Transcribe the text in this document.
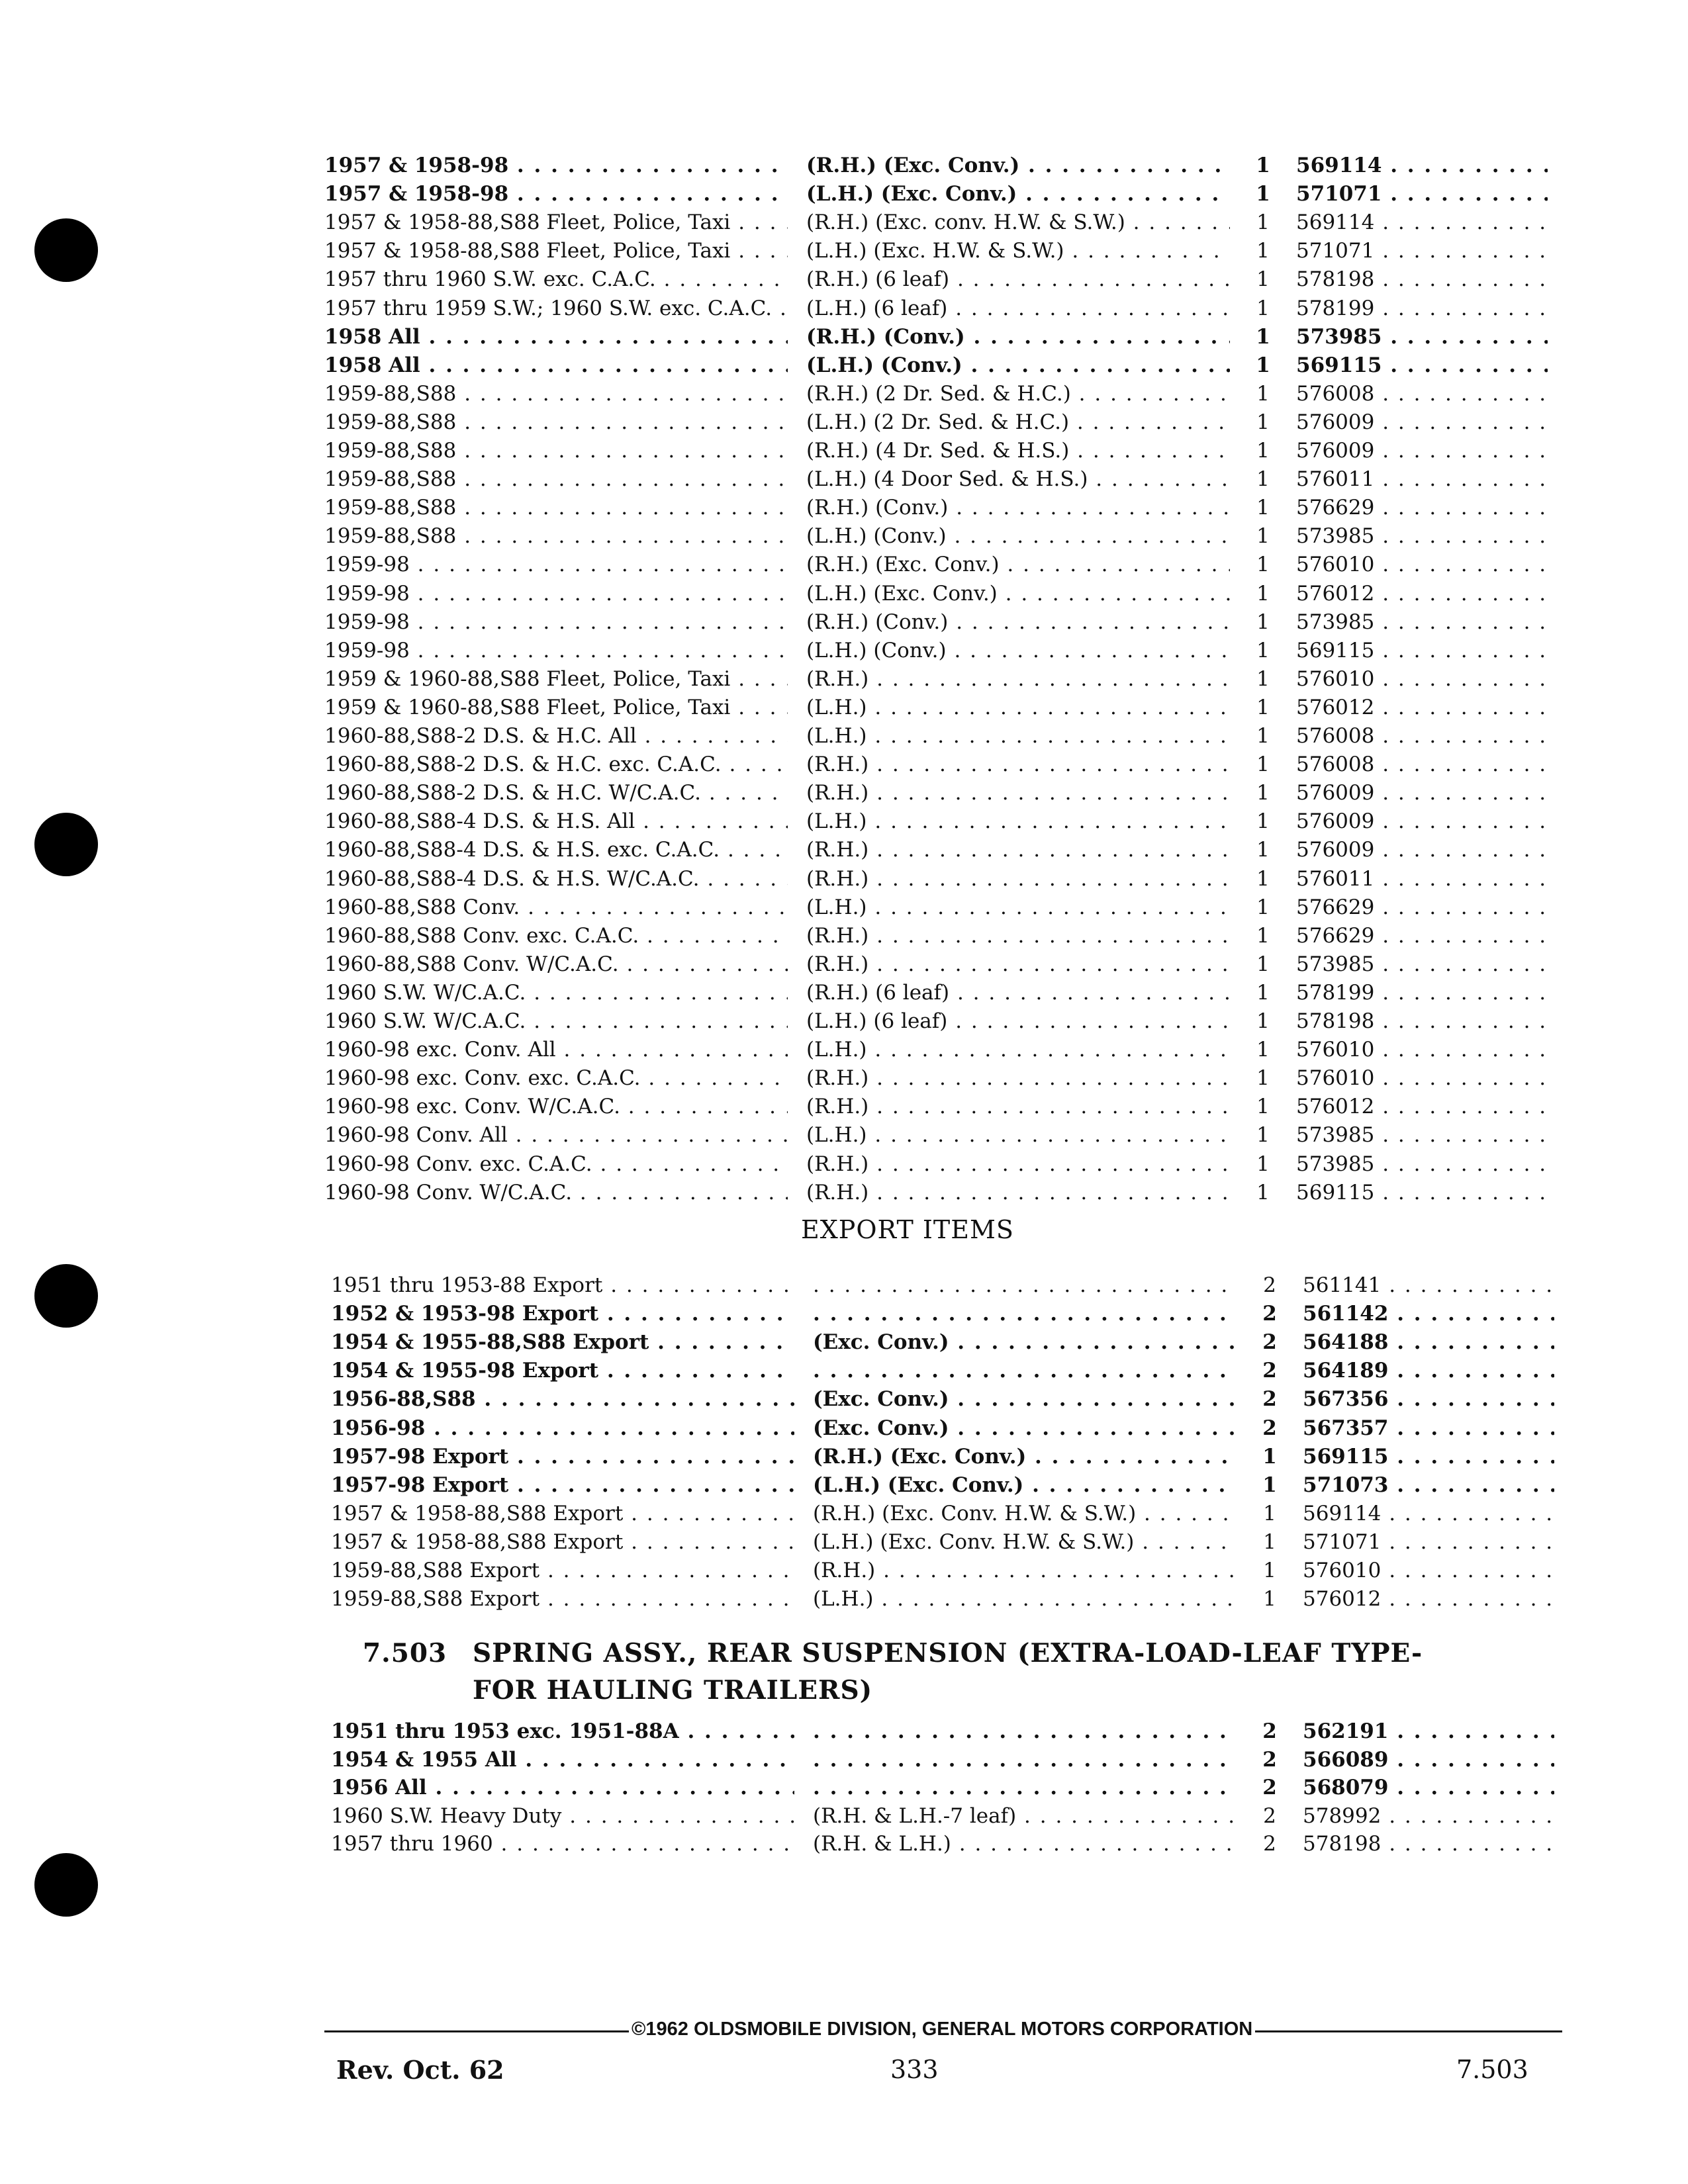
1957 & 1958-98 . . .	(R.H.) (Exc. Conv.) . . .	1 569114 . . .
1957 & 1958-98 . . .	(L.H.) (Exc. Conv.) . . .	1 571071 . . .
1957 & 1958-88,S88 Fleet, Police, Taxi . . .	(R.H.) (Exc. conv. H.W. & S.W.) . . .	1	569114 . . .
1957 & 1958-88,S88 Fleet, Police, Taxi . . .	(L.H.) (Exc. H.W. & S.W.) . . .	1	571071 . . .
1957 thru 1960 S.W. exc. C.A.C. . . .	(R.H.) (6 leaf) . . .	1	578198 . . .
1957 thru 1959 S.W.; 1960 S.W. exc. C.A.C. . . .	(L.H.) (6 leaf) . . .	1	578199 . . .
1958 All . . .	(R.H.) (Conv.) . . .	1 573985 . . .
1958 All . . .	(L.H.) (Conv.) . . .	1 569115 . . .
1959-88,S88 . . .	(R.H.) (2 Dr. Sed. & H.C.) . . .	1	576008 . . .
1959-88,S88 . . .	(L.H.) (2 Dr. Sed. & H.C.) . . .	1	576009 . . .
1959-88,S88 . . .	(R.H.) (4 Dr. Sed. & H.S.) . . .	1	576009 . . .
1959-88,S88 . . .	(L.H.) (4 Door Sed. & H.S.) . . .	1	576011 . . .
1959-88,S88 . . .	(R.H.) (Conv.) . . .	1	576629 . . .
1959-88,S88 . . .	(L.H.) (Conv.) . . .	1	573985 . . .
1959-98 . . .	(R.H.) (Exc. Conv.) . . .	1	576010 . . .
1959-98 . . .	(L.H.) (Exc. Conv.) . . .	1	576012 . . .
1959-98 . . .	(R.H.) (Conv.) . . .	1	573985 . . .
1959-98 . . .	(L.H.) (Conv.) . . .	1	569115 . . .
1959 & 1960-88,S88 Fleet, Police, Taxi . . .	(R.H.) . . .	1	576010 . . .
1959 & 1960-88,S88 Fleet, Police, Taxi . . .	(L.H.) . . .	1	576012 . . .
1960-88,S88-2 D.S. & H.C. All . . .	(L.H.) . . .	1	576008 . . .
1960-88,S88-2 D.S. & H.C. exc. C.A.C. . . .	(R.H.) . . .	1	576008 . . .
1960-88,S88-2 D.S. & H.C. W/C.A.C. . . .	(R.H.) . . .	1	576009 . . .
1960-88,S88-4 D.S. & H.S. All . . .	(L.H.) . . .	1	576009 . . .
1960-88,S88-4 D.S. & H.S. exc. C.A.C. . . .	(R.H.) . . .	1	576009 . . .
1960-88,S88-4 D.S. & H.S. W/C.A.C. . . .	(R.H.) . . .	1	576011 . . .
1960-88,S88 Conv. . . .	(L.H.) . . .	1	576629 . . .
1960-88,S88 Conv. exc. C.A.C. . . .	(R.H.) . . .	1	576629 . . .
1960-88,S88 Conv. W/C.A.C. . . .	(R.H.) . . .	1	573985 . . .
1960 S.W. W/C.A.C. . . .	(R.H.) (6 leaf) . . .	1	578199 . . .
1960 S.W. W/C.A.C. . . .	(L.H.) (6 leaf) . . .	1	578198 . . .
1960-98 exc. Conv. All . . .	(L.H.) . . .	1	576010 . . .
1960-98 exc. Conv. exc. C.A.C. . . .	(R.H.) . . .	1	576010 . . .
1960-98 exc. Conv. W/C.A.C. . . .	(R.H.) . . .	1	576012 . . .
1960-98 Conv. All . . .	(L.H.) . . .	1	573985 . . .
1960-98 Conv. exc. C.A.C. . . .	(R.H.) . . .	1	573985 . . .
1960-98 Conv. W/C.A.C. . . .	(R.H.) . . .	1	569115 . . .
EXPORT ITEMS
1951 thru 1953-88 Export . . . . . .	2	561141 . . .
1952 & 1953-98 Export . . . . . .	2 561142 . . .
1954 & 1955-88,S88 Export . . .	(Exc. Conv.) . . .	2 564188 . . .
1954 & 1955-98 Export . . . . . .	2 564189 . . .
1956-88,S88 . . .	(Exc. Conv.) . . .	2 567356 . . .
1956-98 . . .	(Exc. Conv.) . . .	2 567357 . . .
1957-98 Export . . .	(R.H.) (Exc. Conv.) . . .	1 569115 . . .
1957-98 Export . . .	(L.H.) (Exc. Conv.) . . .	1 571073 . . .
1957 & 1958-88,S88 Export . . .	(R.H.) (Exc. Conv. H.W. & S.W.) . . .	1	569114 . . .
1957 & 1958-88,S88 Export . . .	(L.H.) (Exc. Conv. H.W. & S.W.) . . .	1	571071 . . .
1959-88,S88 Export . . .	(R.H.) . . .	1	576010 . . .
1959-88,S88 Export . . .	(L.H.) . . .	1	576012 . . .
7.503 SPRING ASSY., REAR SUSPENSION (EXTRA-LOAD-LEAF TYPE-
FOR HAULING TRAILERS)
1951 thru 1953 exc. 1951-88A . . . . . .	2 562191 . . .
1954 & 1955 All . . . . . .	2 566089 . . .
1956 All . . . . . .	2 568079 . . .
1960 S.W. Heavy Duty . . .	(R.H. & L.H.-7 leaf) . . .	2	578992 . . .
1957 thru 1960 . . .	(R.H. & L.H.) . . .	2	578198 . . .
©1962 OLDSMOBILE DIVISION, GENERAL MOTORS CORPORATION
Rev. Oct. 62	333	7.503
